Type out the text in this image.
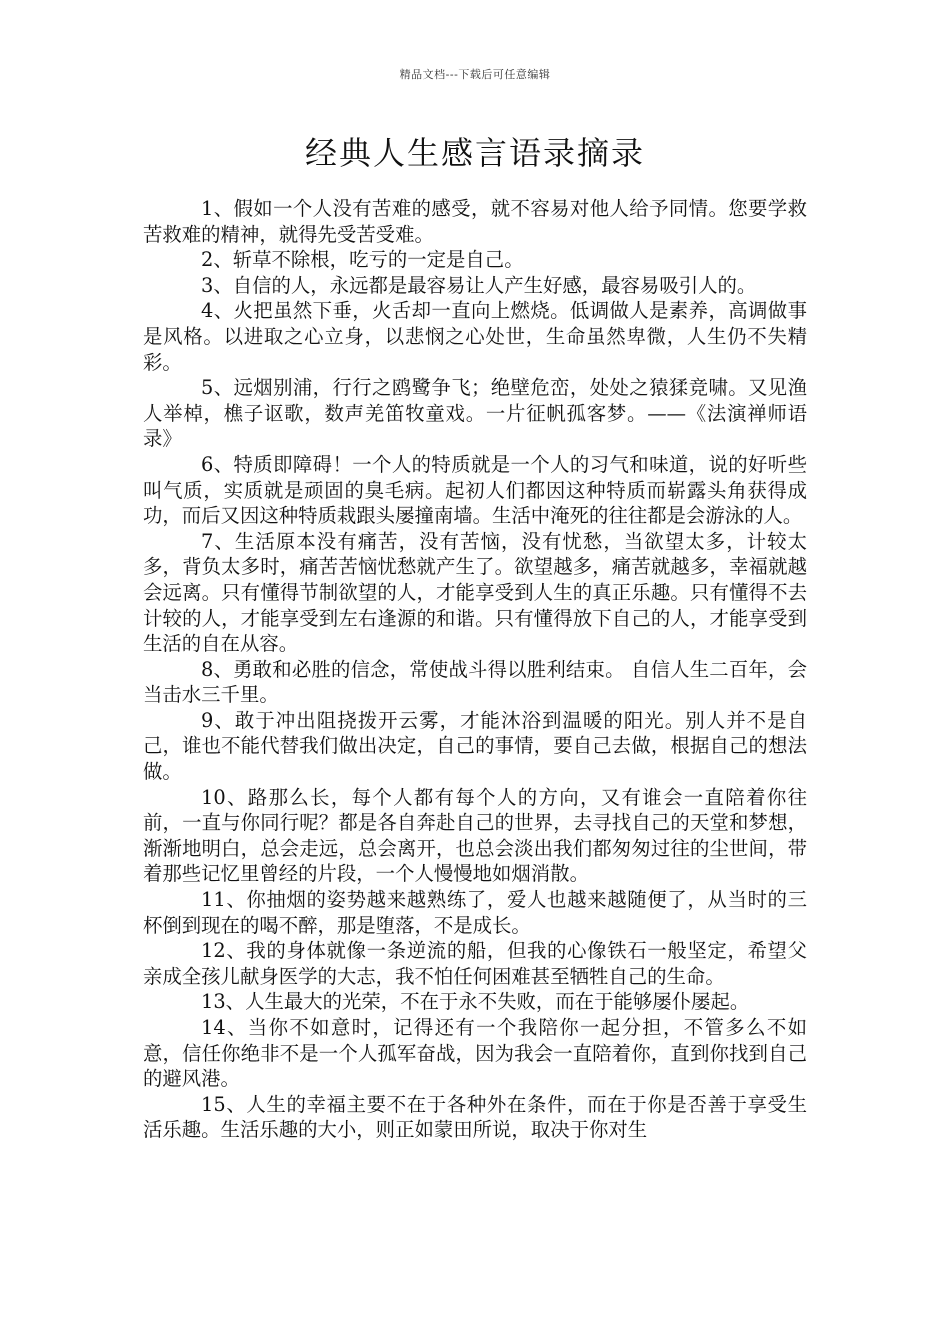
精品文档---下载后可任意编辑
经典人生感言语录摘录

1、假如一个人没有苦难的感受，就不容易对他人给予同情。您要学救苦救难的精神，就得先受苦受难。

2、斩草不除根，吃亏的一定是自己。

3、自信的人，永远都是最容易让人产生好感，最容易吸引人的。

4、火把虽然下垂，火舌却一直向上燃烧。低调做人是素养，高调做事是风格。以进取之心立身，以悲悯之心处世，生命虽然卑微，人生仍不失精彩。

5、远烟别浦，行行之鸥鹭争飞；绝壁危峦，处处之猿猱竞啸。又见渔人举棹，樵子讴歌，数声羌笛牧童戏。一片征帆孤客梦。——《法演禅师语录》

6、特质即障碍！一个人的特质就是一个人的习气和味道，说的好听些叫气质，实质就是顽固的臭毛病。起初人们都因这种特质而崭露头角获得成功，而后又因这种特质栽跟头屡撞南墙。生活中淹死的往往都是会游泳的人。

7、生活原本没有痛苦，没有苦恼，没有忧愁，当欲望太多，计较太多，背负太多时，痛苦苦恼忧愁就产生了。欲望越多，痛苦就越多，幸福就越会远离。只有懂得节制欲望的人，才能享受到人生的真正乐趣。只有懂得不去计较的人，才能享受到左右逢源的和谐。只有懂得放下自己的人，才能享受到生活的自在从容。

8、勇敢和必胜的信念，常使战斗得以胜利结束。 自信人生二百年，会当击水三千里。

9、敢于冲出阻挠拨开云雾，才能沐浴到温暖的阳光。别人并不是自己，谁也不能代替我们做出决定，自己的事情，要自己去做，根据自己的想法做。

10、路那么长，每个人都有每个人的方向，又有谁会一直陪着你往前，一直与你同行呢？都是各自奔赴自己的世界，去寻找自己的天堂和梦想，渐渐地明白，总会走远，总会离开，也总会淡出我们都匆匆过往的尘世间，带着那些记忆里曾经的片段，一个人慢慢地如烟消散。

11、你抽烟的姿势越来越熟练了，爱人也越来越随便了，从当时的三杯倒到现在的喝不醉，那是堕落，不是成长。

12、我的身体就像一条逆流的船，但我的心像铁石一般坚定，希望父亲成全孩儿献身医学的大志，我不怕任何困难甚至牺牲自己的生命。

13、人生最大的光荣，不在于永不失败，而在于能够屡仆屡起。

14、当你不如意时，记得还有一个我陪你一起分担，不管多么不如意，信任你绝非不是一个人孤军奋战，因为我会一直陪着你，直到你找到自己的避风港。

15、人生的幸福主要不在于各种外在条件，而在于你是否善于享受生活乐趣。生活乐趣的大小，则正如蒙田所说，取决于你对生
